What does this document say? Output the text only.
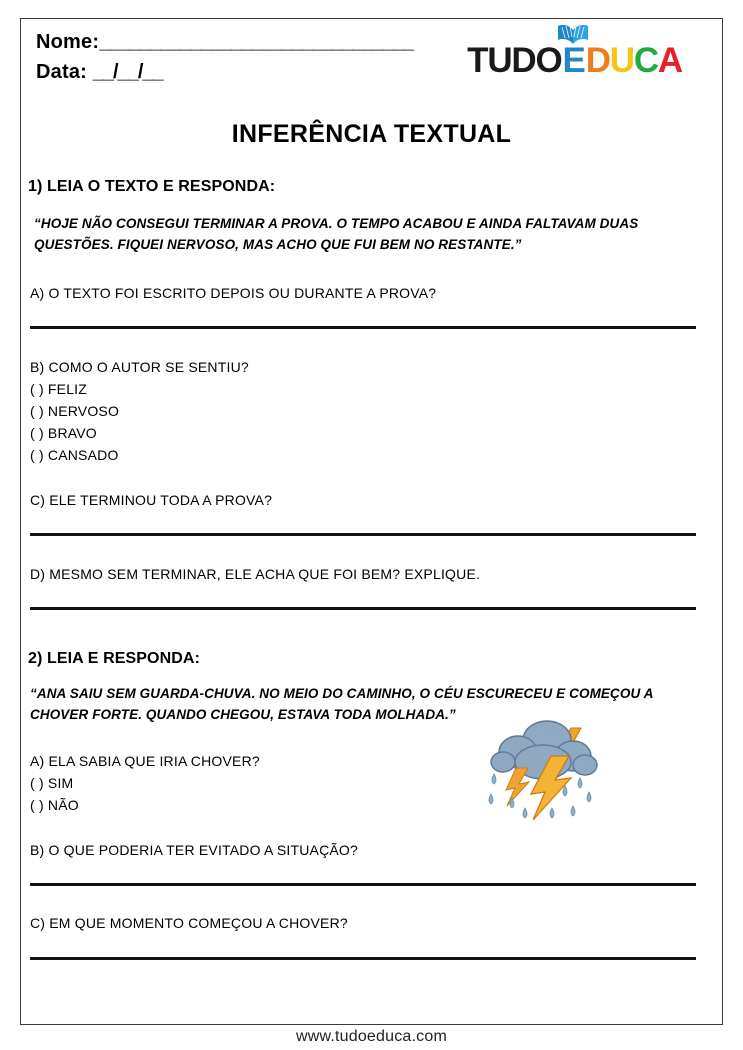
Nome:_______________________________
Data: __/__/__	TUDO E D U C A
INFERÊNCIA TEXTUAL
1) LEIA O TEXTO E RESPONDA:
“HOJE NÃO CONSEGUI TERMINAR A PROVA. O TEMPO ACABOU E AINDA FALTAVAM DUAS
QUESTÕES. FIQUEI NERVOSO, MAS ACHO QUE FUI BEM NO RESTANTE.”
A) O TEXTO FOI ESCRITO DEPOIS OU DURANTE A PROVA?
B) COMO O AUTOR SE SENTIU?
( ) FELIZ
( ) NERVOSO
( ) BRAVO
( ) CANSADO
C) ELE TERMINOU TODA A PROVA?
D) MESMO SEM TERMINAR, ELE ACHA QUE FOI BEM? EXPLIQUE.
2) LEIA E RESPONDA:
“ANA SAIU SEM GUARDA-CHUVA. NO MEIO DO CAMINHO, O CÉU ESCURECEU E COMEÇOU A
CHOVER FORTE. QUANDO CHEGOU, ESTAVA TODA MOLHADA.”
A) ELA SABIA QUE IRIA CHOVER?
( ) SIM
( ) NÃO
B) O QUE PODERIA TER EVITADO A SITUAÇÃO?
C) EM QUE MOMENTO COMEÇOU A CHOVER?
www.tudoeduca.com
